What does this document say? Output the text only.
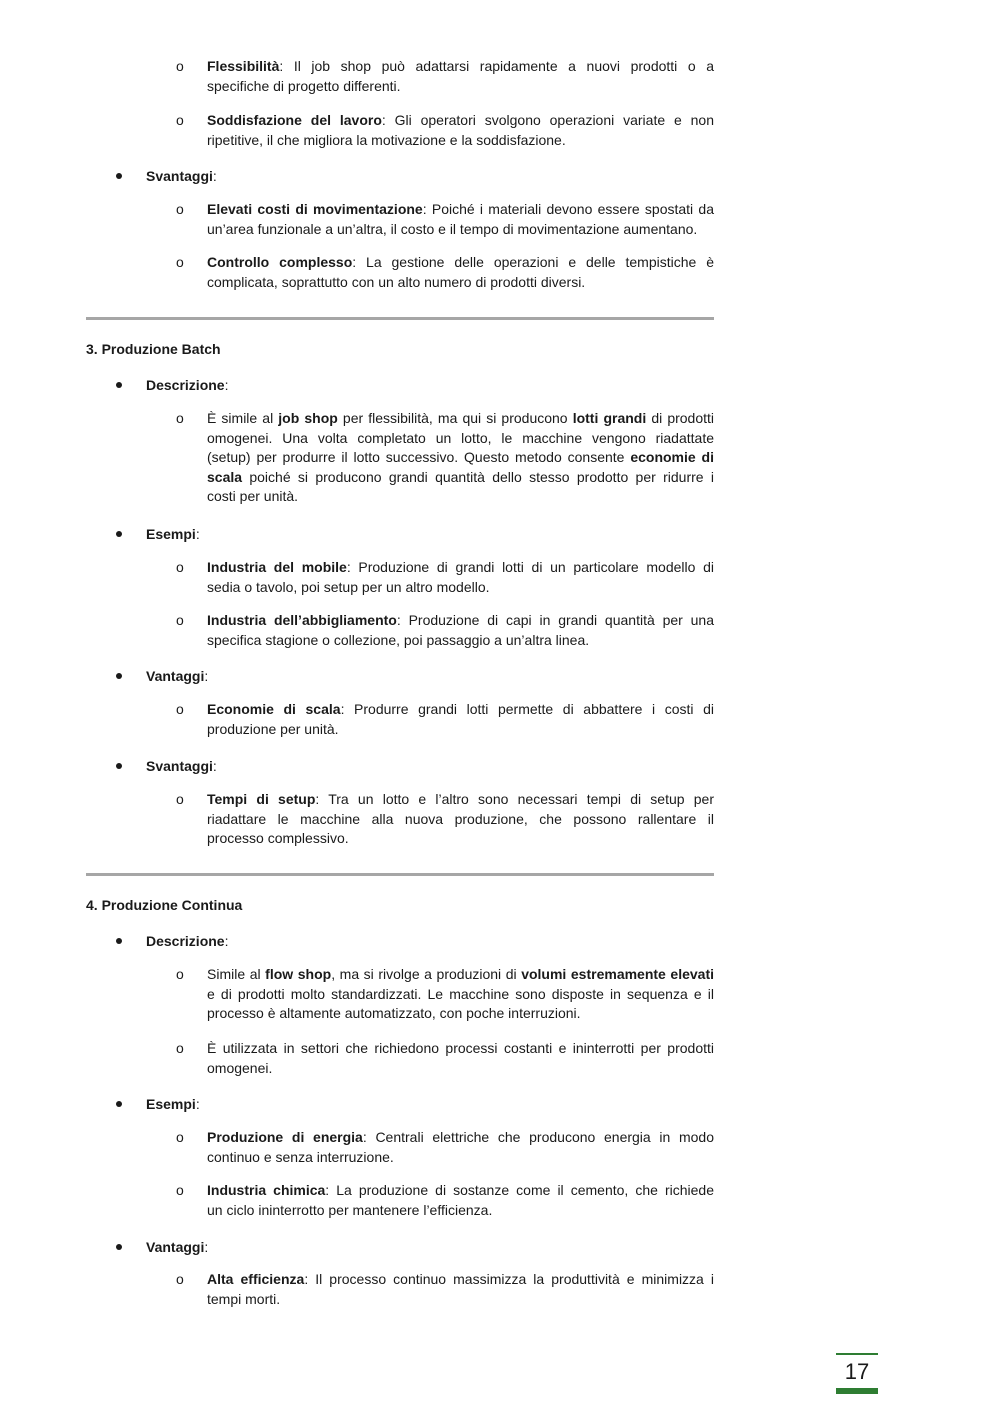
o Flessibilità: Il job shop può adattarsi rapidamente a nuovi prodotti o a
specifiche di progetto differenti.
o Soddisfazione del lavoro: Gli operatori svolgono operazioni variate e non
ripetitive, il che migliora la motivazione e la soddisfazione.
Svantaggi:
o Elevati costi di movimentazione: Poiché i materiali devono essere spostati da
un’area funzionale a un’altra, il costo e il tempo di movimentazione aumentano.
o Controllo complesso: La gestione delle operazioni e delle tempistiche è
complicata, soprattutto con un alto numero di prodotti diversi.
3. Produzione Batch
Descrizione:
o È simile al job shop per flessibilità, ma qui si producono lotti grandi di prodotti
omogenei. Una volta completato un lotto, le macchine vengono riadattate
(setup) per produrre il lotto successivo. Questo metodo consente economie di
scala poiché si producono grandi quantità dello stesso prodotto per ridurre i
costi per unità.
Esempi:
o Industria del mobile: Produzione di grandi lotti di un particolare modello di
sedia o tavolo, poi setup per un altro modello.
o Industria dell’abbigliamento: Produzione di capi in grandi quantità per una
specifica stagione o collezione, poi passaggio a un’altra linea.
Vantaggi:
o Economie di scala: Produrre grandi lotti permette di abbattere i costi di
produzione per unità.
Svantaggi:
o Tempi di setup: Tra un lotto e l’altro sono necessari tempi di setup per
riadattare le macchine alla nuova produzione, che possono rallentare il
processo complessivo.
4. Produzione Continua
Descrizione:
o Simile al flow shop, ma si rivolge a produzioni di volumi estremamente elevati
e di prodotti molto standardizzati. Le macchine sono disposte in sequenza e il
processo è altamente automatizzato, con poche interruzioni.
o È utilizzata in settori che richiedono processi costanti e ininterrotti per prodotti
omogenei.
Esempi:
o Produzione di energia: Centrali elettriche che producono energia in modo
continuo e senza interruzione.
o Industria chimica: La produzione di sostanze come il cemento, che richiede
un ciclo ininterrotto per mantenere l’efficienza.
Vantaggi:
o Alta efficienza: Il processo continuo massimizza la produttività e minimizza i
tempi morti.
17
